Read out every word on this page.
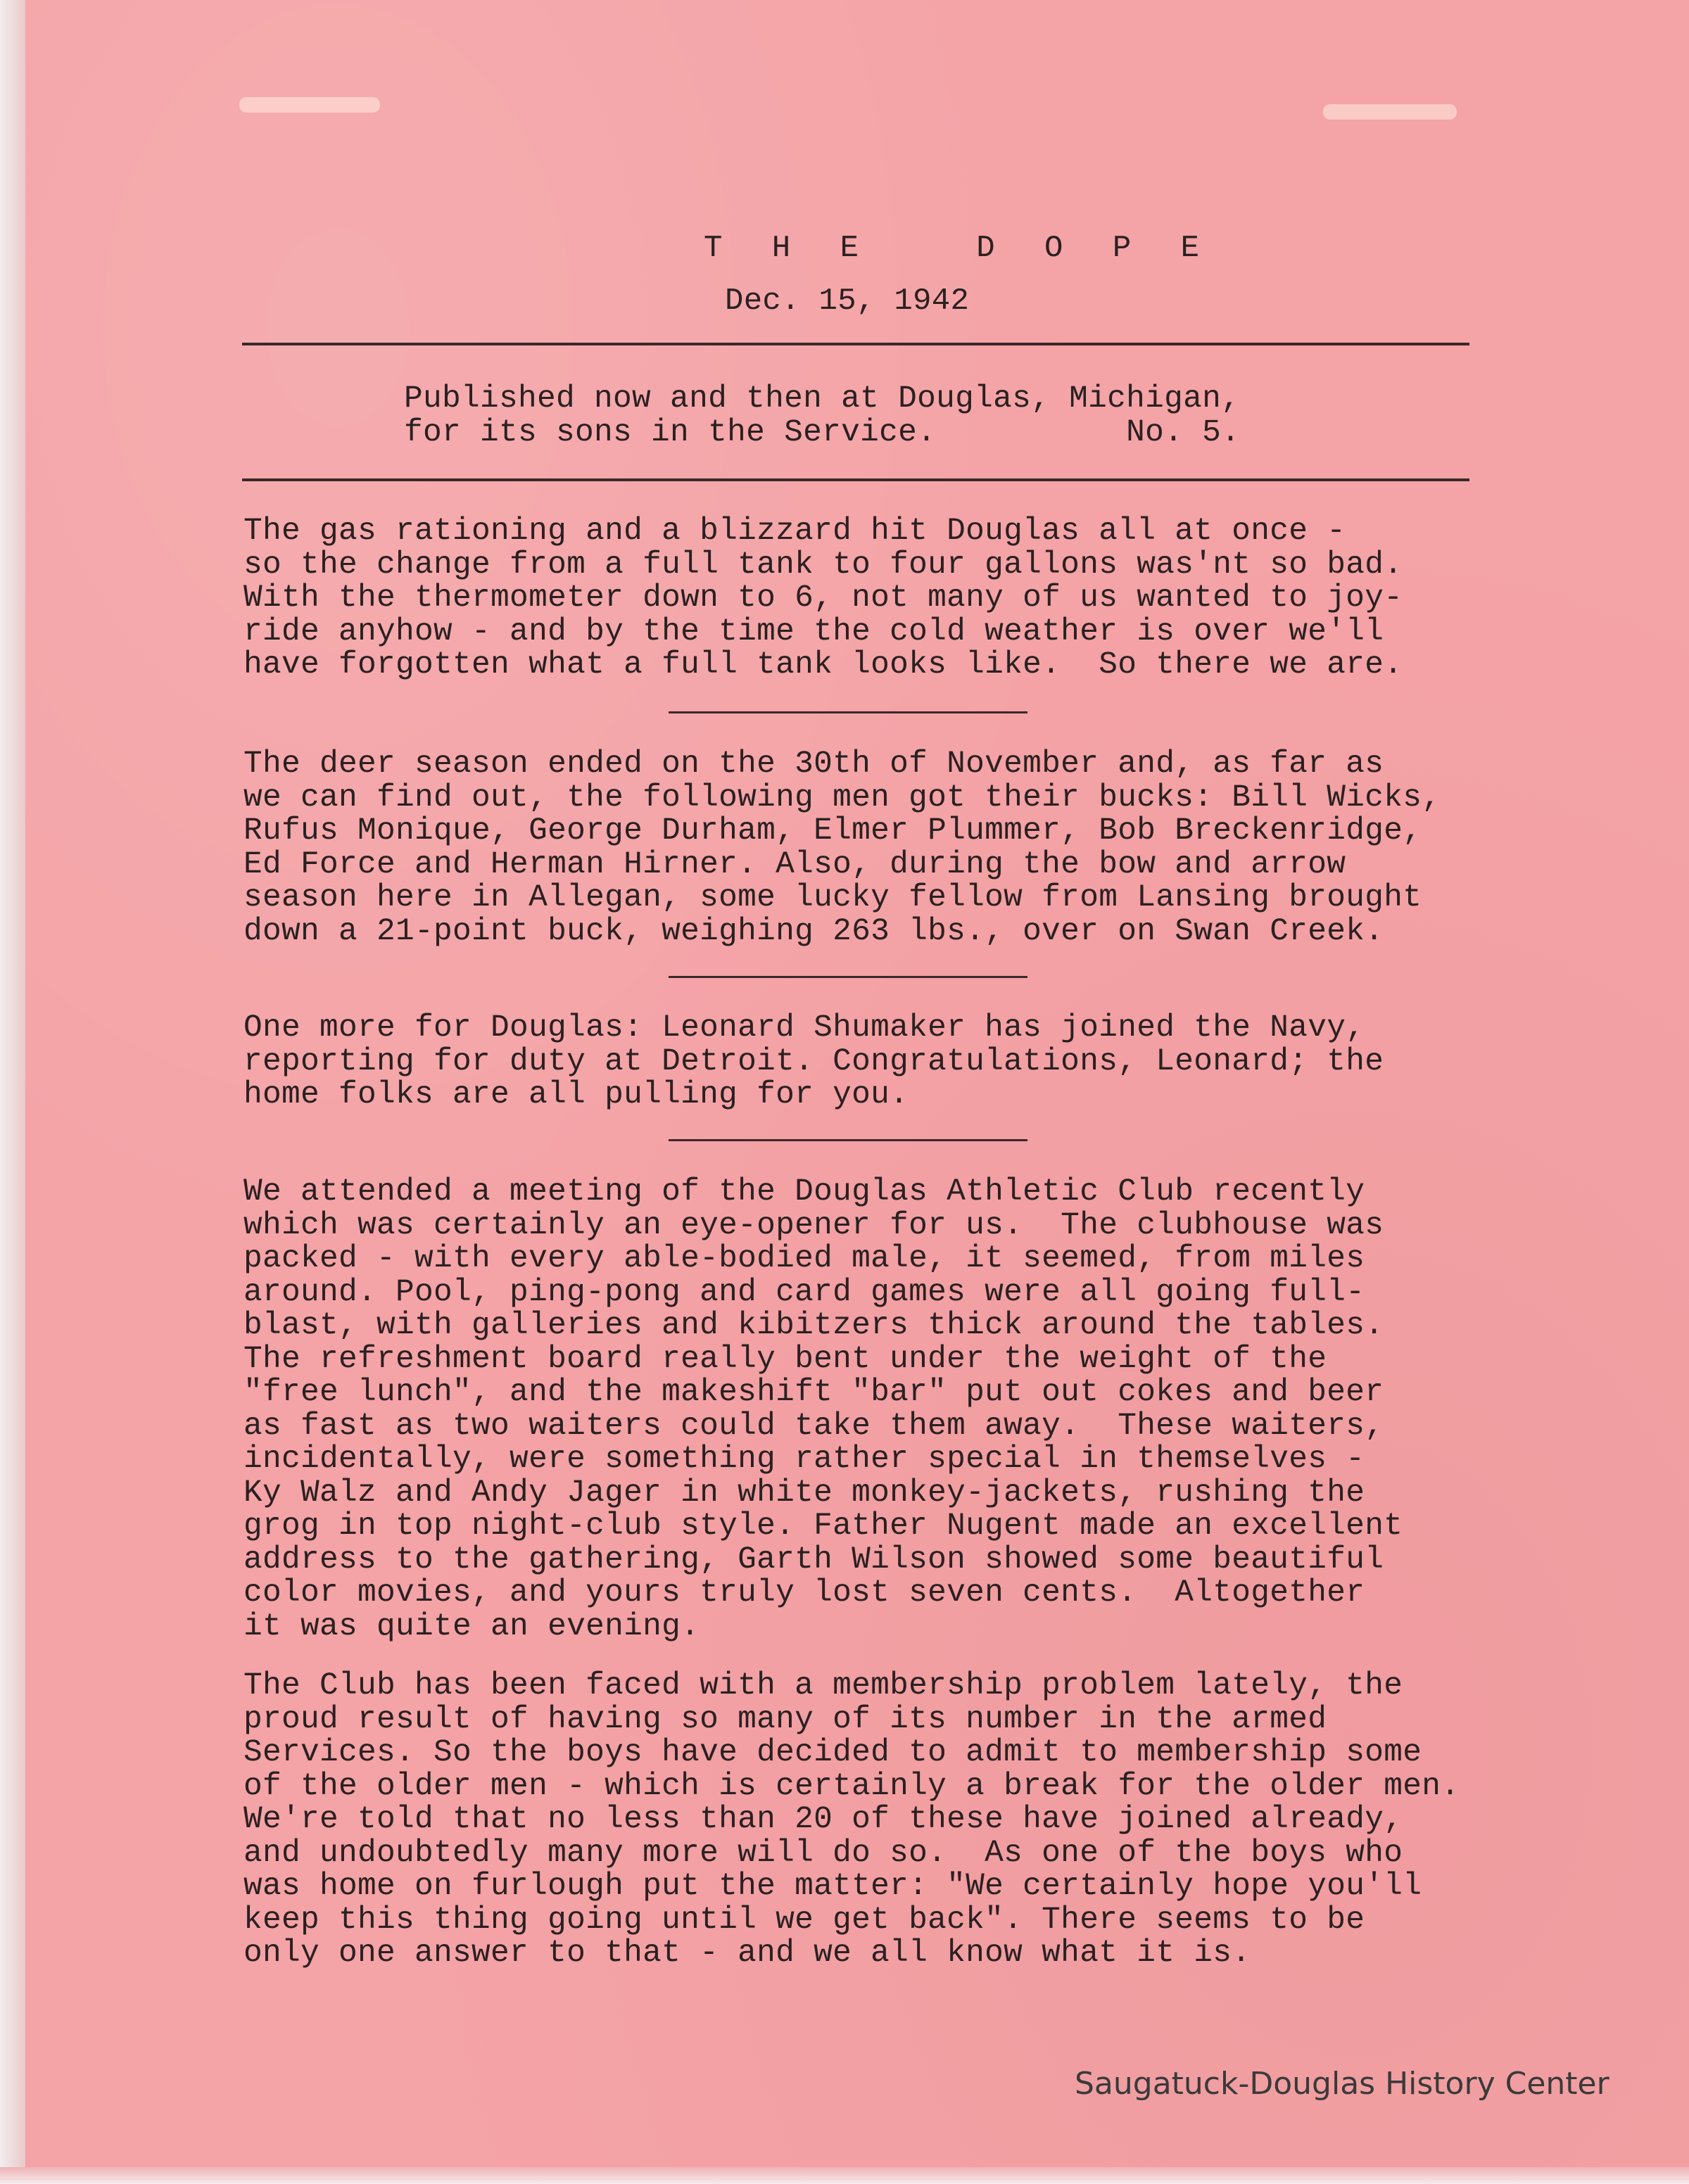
T H E   D O P E

Dec. 15, 1942

Published now and then at Douglas, Michigan,
for its sons in the Service.          No. 5.
The gas rationing and a blizzard hit Douglas all at once -
so the change from a full tank to four gallons was'nt so bad.
With the thermometer down to 6, not many of us wanted to joy-
ride anyhow - and by the time the cold weather is over we'll
have forgotten what a full tank looks like.  So there we are.
The deer season ended on the 30th of November and, as far as
we can find out, the following men got their bucks: Bill Wicks,
Rufus Monique, George Durham, Elmer Plummer, Bob Breckenridge,
Ed Force and Herman Hirner. Also, during the bow and arrow
season here in Allegan, some lucky fellow from Lansing brought
down a 21-point buck, weighing 263 lbs., over on Swan Creek.
One more for Douglas: Leonard Shumaker has joined the Navy,
reporting for duty at Detroit. Congratulations, Leonard; the
home folks are all pulling for you.
We attended a meeting of the Douglas Athletic Club recently
which was certainly an eye-opener for us.  The clubhouse was
packed - with every able-bodied male, it seemed, from miles
around. Pool, ping-pong and card games were all going full-
blast, with galleries and kibitzers thick around the tables.
The refreshment board really bent under the weight of the
"free lunch", and the makeshift "bar" put out cokes and beer
as fast as two waiters could take them away.  These waiters,
incidentally, were something rather special in themselves -
Ky Walz and Andy Jager in white monkey-jackets, rushing the
grog in top night-club style. Father Nugent made an excellent
address to the gathering, Garth Wilson showed some beautiful
color movies, and yours truly lost seven cents.  Altogether
it was quite an evening.
The Club has been faced with a membership problem lately, the
proud result of having so many of its number in the armed
Services. So the boys have decided to admit to membership some
of the older men - which is certainly a break for the older men.
We're told that no less than 20 of these have joined already,
and undoubtedly many more will do so.  As one of the boys who
was home on furlough put the matter: "We certainly hope you'll
keep this thing going until we get back". There seems to be
only one answer to that - and we all know what it is.

Saugatuck-Douglas History Center
